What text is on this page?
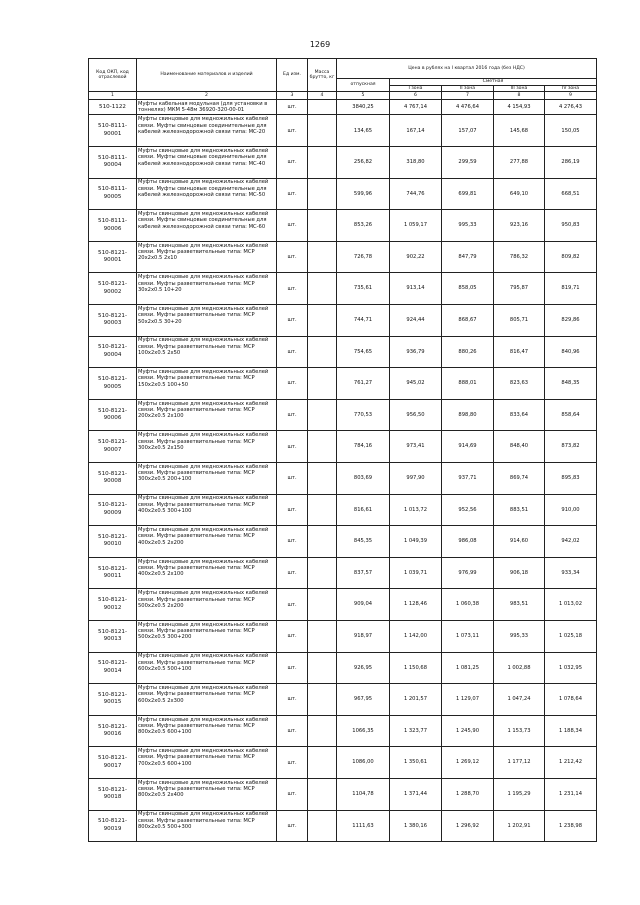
1269
Код ОКП, код отраслевой	Наименование материалов и изделий	Ед изм.	Масса брутто, кг	Цена в рублях на I квартал 2016 года (без НДС)				
				отпускная	Сметная			
					I зона	II зона	III зона	IV зона
1	2	3	4	5	6	7	8	9
510-1122	Муфты кабельная модульная (для установки в тоннелях) МКМ 5-48м 36920-320-00-01	шт.		3840,25	4 767,14	4 476,64	4 154,93	4 276,43
510-8111-90001	Муфты свинцовые для медножильных кабелей связи. Муфты свинцовые соединительные для кабелей железнодорожной связи типа: МС-20	шт.		134,65	167,14	157,07	145,68	150,05
510-8111-90004	Муфты свинцовые для медножильных кабелей связи. Муфты свинцовые соединительные для кабелей железнодорожной связи типа: МС-40	шт.		256,82	318,80	299,59	277,88	286,19
510-8111-90005	Муфты свинцовые для медножильных кабелей связи. Муфты свинцовые соединительные для кабелей железнодорожной связи типа: МС-50	шт.		599,96	744,76	699,81	649,10	668,51
510-8111-90006	Муфты свинцовые для медножильных кабелей связи. Муфты свинцовые соединительные для кабелей железнодорожной связи типа: МС-60	шт.		853,26	1 059,17	995,33	923,16	950,83
510-8121-90001	Муфты свинцовые для медножильных кабелей связи. Муфты разветвительные типа: МСР 20х2х0.5 2х10	шт.		726,78	902,22	847,79	786,32	809,82
510-8121-90002	Муфты свинцовые для медножильных кабелей связи. Муфты разветвительные типа: МСР 30х2х0.5 10+20	шт.		735,61	913,14	858,05	795,87	819,71
510-8121-90003	Муфты свинцовые для медножильных кабелей связи. Муфты разветвительные типа: МСР 50х2х0.5 30+20	шт.		744,71	924,44	868,67	805,71	829,86
510-8121-90004	Муфты свинцовые для медножильных кабелей связи. Муфты разветвительные типа: МСР 100х2х0.5 2х50	шт.		754,65	936,79	880,26	816,47	840,96
510-8121-90005	Муфты свинцовые для медножильных кабелей связи. Муфты разветвительные типа: МСР 150х2х0.5 100+50	шт.		761,27	945,02	888,01	823,63	848,35
510-8121-90006	Муфты свинцовые для медножильных кабелей связи. Муфты разветвительные типа: МСР 200х2х0.5 2х100	шт.		770,53	956,50	898,80	833,64	858,64
510-8121-90007	Муфты свинцовые для медножильных кабелей связи. Муфты разветвительные типа: МСР 300х2х0.5 2х150	шт.		784,16	973,41	914,69	848,40	873,82
510-8121-90008	Муфты свинцовые для медножильных кабелей связи. Муфты разветвительные типа: МСР 300х2х0.5 200+100	шт.		803,69	997,90	937,71	869,74	895,83
510-8121-90009	Муфты свинцовые для медножильных кабелей связи. Муфты разветвительные типа: МСР 400х2х0.5 300+100	шт.		816,61	1 013,72	952,56	883,51	910,00
510-8121-90010	Муфты свинцовые для медножильных кабелей связи. Муфты разветвительные типа: МСР 400х2х0.5 2х200	шт.		845,35	1 049,39	986,08	914,60	942,02
510-8121-90011	Муфты свинцовые для медножильных кабелей связи. Муфты разветвительные типа: МСР 400х2х0.5 2х100	шт.		837,57	1 039,71	976,99	906,18	933,34
510-8121-90012	Муфты свинцовые для медножильных кабелей связи. Муфты разветвительные типа: МСР 500х2х0.5 2х200	шт.		909,04	1 128,46	1 060,38	983,51	1 013,02
510-8121-90013	Муфты свинцовые для медножильных кабелей связи. Муфты разветвительные типа: МСР 500х2х0.5 300+200	шт.		918,97	1 142,00	1 073,11	995,33	1 025,18
510-8121-90014	Муфты свинцовые для медножильных кабелей связи. Муфты разветвительные типа: МСР 600х2х0.5 500+100	шт.		926,95	1 150,68	1 081,25	1 002,88	1 032,95
510-8121-90015	Муфты свинцовые для медножильных кабелей связи. Муфты разветвительные типа: МСР 600х2х0.5 2х300	шт.		967,95	1 201,57	1 129,07	1 047,24	1 078,64
510-8121-90016	Муфты свинцовые для медножильных кабелей связи. Муфты разветвительные типа: МСР 800х2х0.5 600+100	шт.		1066,35	1 323,77	1 245,90	1 153,73	1 188,34
510-8121-90017	Муфты свинцовые для медножильных кабелей связи. Муфты разветвительные типа: МСР 700х2х0.5 600+100	шт.		1086,00	1 350,61	1 269,12	1 177,12	1 212,42
510-8121-90018	Муфты свинцовые для медножильных кабелей связи. Муфты разветвительные типа: МСР 800х2х0.5 2х400	шт.		1104,78	1 371,44	1 288,70	1 195,29	1 231,14
510-8121-90019	Муфты свинцовые для медножильных кабелей связи. Муфты разветвительные типа: МСР 800х2х0.5 500+300	шт.		1111,63	1 380,16	1 296,92	1 202,91	1 238,98
